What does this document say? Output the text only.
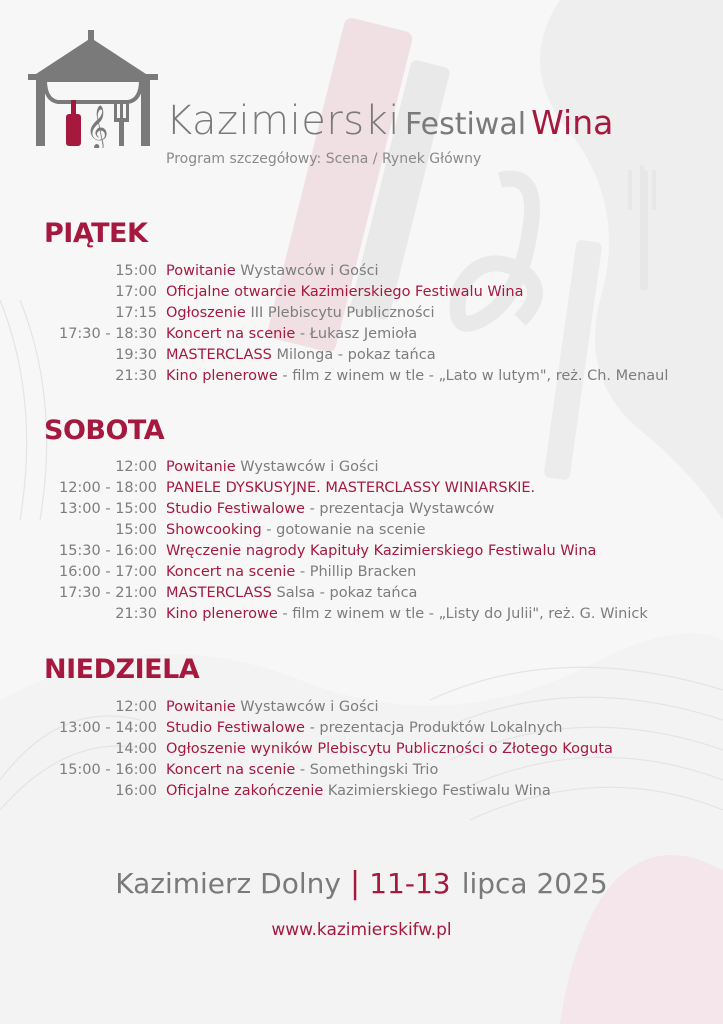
𝄞 Kazimierski Festiwal Wina
Program szczegółowy: Scena / Rynek Główny
PIĄTEK
15:00 Powitanie Wystawców i Gości
17:00 Oficjalne otwarcie Kazimierskiego Festiwalu Wina
17:15 Ogłoszenie III Plebiscytu Publiczności
17:30 - 18:30 Koncert na scenie - Łukasz Jemioła
19:30 MASTERCLASS Milonga - pokaz tańca
21:30 Kino plenerowe - film z winem w tle - „Lato w lutym", reż. Ch. Menaul
SOBOTA
12:00 Powitanie Wystawców i Gości
12:00 - 18:00 PANELE DYSKUSYJNE. MASTERCLASSY WINIARSKIE.
13:00 - 15:00 Studio Festiwalowe - prezentacja Wystawców
15:00 Showcooking - gotowanie na scenie
15:30 - 16:00 Wręczenie nagrody Kapituły Kazimierskiego Festiwalu Wina
16:00 - 17:00 Koncert na scenie - Phillip Bracken
17:30 - 21:00 MASTERCLASS Salsa - pokaz tańca
21:30 Kino plenerowe - film z winem w tle - „Listy do Julii", reż. G. Winick
NIEDZIELA
12:00 Powitanie Wystawców i Gości
13:00 - 14:00 Studio Festiwalowe - prezentacja Produktów Lokalnych
14:00 Ogłoszenie wyników Plebiscytu Publiczności o Złotego Koguta
15:00 - 16:00 Koncert na scenie - Somethingski Trio
16:00 Oficjalne zakończenie Kazimierskiego Festiwalu Wina
Kazimierz Dolny | 11-13 lipca 2025
www.kazimierskifw.pl
